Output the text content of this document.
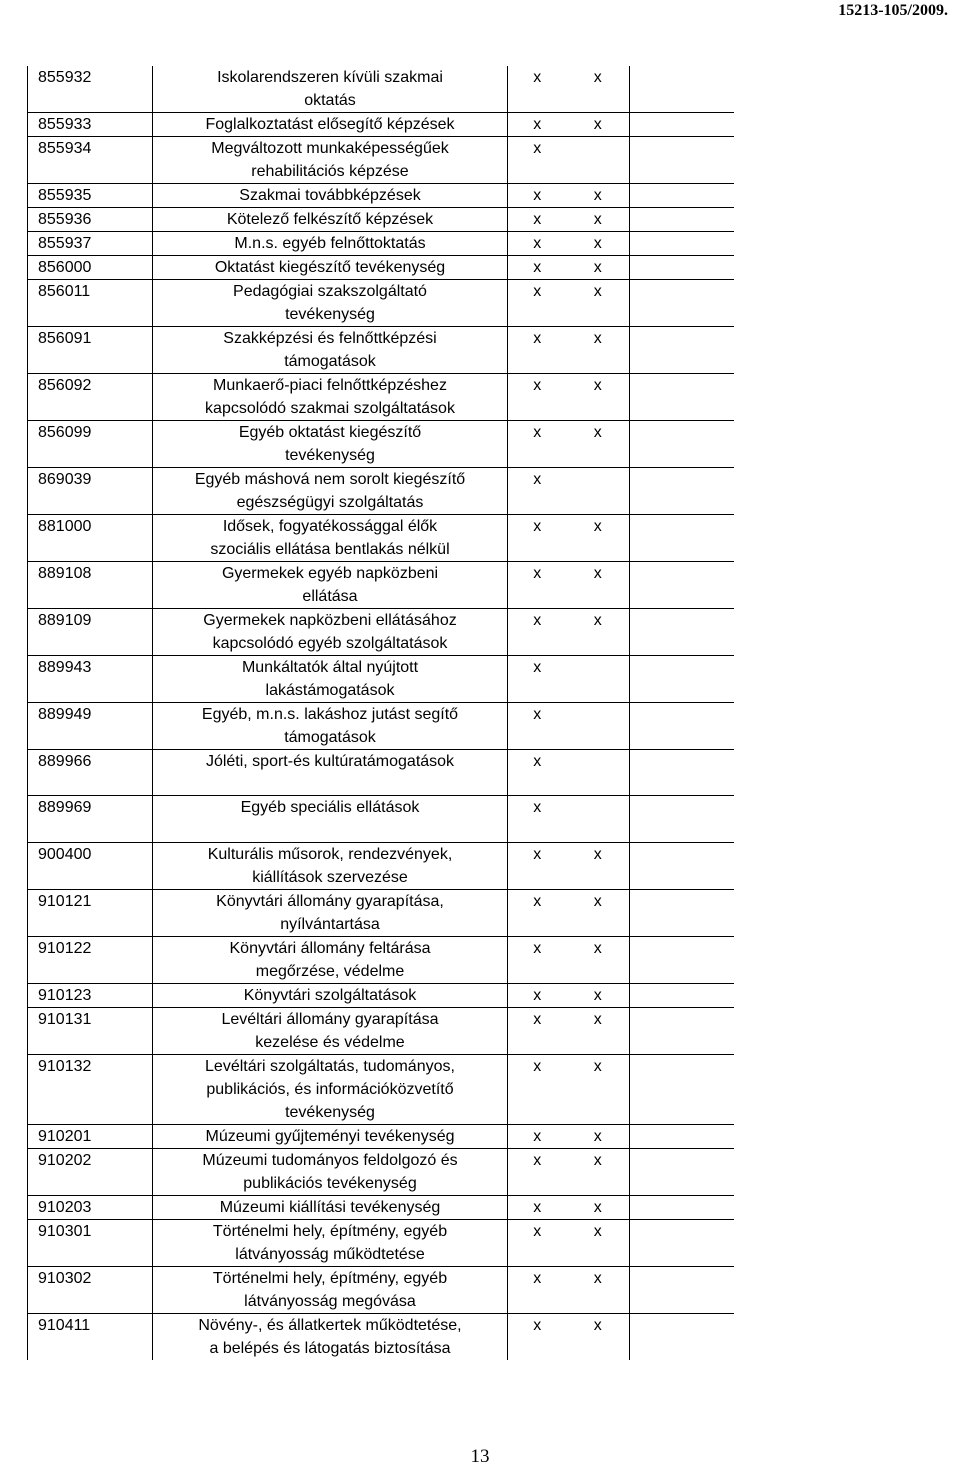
15213-105/2009.
855932	Iskolarendszeren kívüli szakmai
oktatás	x	x	
855933	Foglalkoztatást elősegítő képzések	x	x	
855934	Megváltozott munkaképességűek
rehabilitációs képzése	x		
855935	Szakmai továbbképzések	x	x	
855936	Kötelező felkészítő képzések	x	x	
855937	M.n.s. egyéb felnőttoktatás	x	x	
856000	Oktatást kiegészítő tevékenység	x	x	
856011	Pedagógiai szakszolgáltató
tevékenység	x	x	
856091	Szakképzési és felnőttképzési
támogatások	x	x	
856092	Munkaerő-piaci felnőttképzéshez
kapcsolódó szakmai szolgáltatások	x	x	
856099	Egyéb oktatást kiegészítő
tevékenység	x	x	
869039	Egyéb máshová nem sorolt kiegészítő
egészségügyi szolgáltatás	x		
881000	Idősek, fogyatékossággal élők
szociális ellátása bentlakás nélkül	x	x	
889108	Gyermekek egyéb napközbeni
ellátása	x	x	
889109	Gyermekek napközbeni ellátásához
kapcsolódó egyéb szolgáltatások	x	x	
889943	Munkáltatók által nyújtott
lakástámogatások	x		
889949	Egyéb, m.n.s. lakáshoz jutást segítő
támogatások	x		
889966	Jóléti, sport-és kultúratámogatások	x		
889969	Egyéb speciális ellátások	x		
900400	Kulturális műsorok, rendezvények,
kiállítások szervezése	x	x	
910121	Könyvtári állomány gyarapítása,
nyílvántartása	x	x	
910122	Könyvtári állomány feltárása
megőrzése, védelme	x	x	
910123	Könyvtári szolgáltatások	x	x	
910131	Levéltári állomány gyarapítása
kezelése és védelme	x	x	
910132	Levéltári szolgáltatás, tudományos,
publikációs, és információközvetítő
tevékenység	x	x	
910201	Múzeumi gyűjteményi tevékenység	x	x	
910202	Múzeumi tudományos feldolgozó és
publikációs tevékenység	x	x	
910203	Múzeumi kiállítási tevékenység	x	x	
910301	Történelmi hely, építmény, egyéb
látványosság működtetése	x	x	
910302	Történelmi hely, építmény, egyéb
látványosság megóvása	x	x	
910411	Növény-, és állatkertek működtetése,
a belépés és látogatás biztosítása	x	x	
13
